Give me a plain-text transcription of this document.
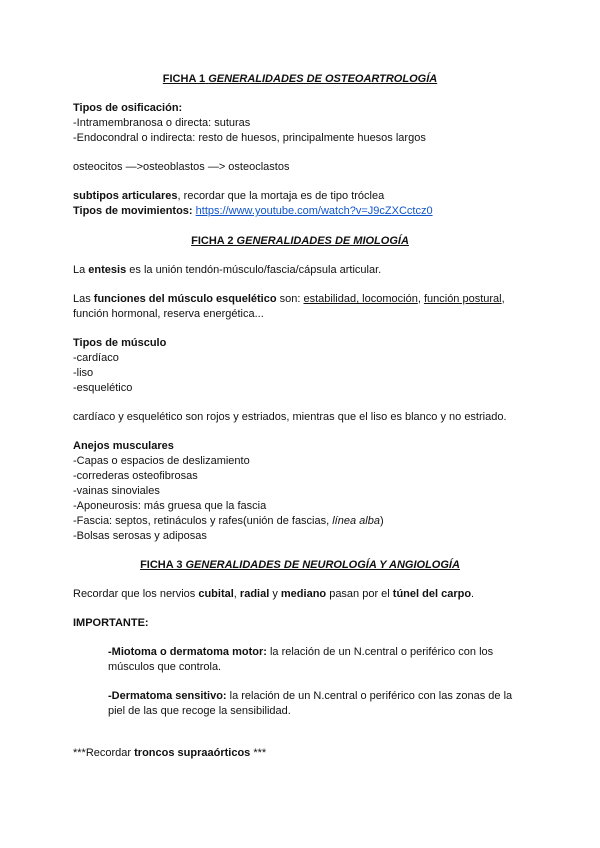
FICHA 1 GENERALIDADES DE OSTEOARTROLOGÍA
Tipos de osificación:
-Intramembranosa o directa: suturas
-Endocondral o indirecta: resto de huesos, principalmente huesos largos
osteocitos —>osteoblastos —> osteoclastos
subtipos articulares, recordar que la mortaja es de tipo tróclea
Tipos de movimientos: https://www.youtube.com/watch?v=J9cZXCctcz0
FICHA 2 GENERALIDADES DE MIOLOGÍA
La entesis es la unión tendón-músculo/fascia/cápsula articular.
Las funciones del músculo esquelético son: estabilidad, locomoción, función postural,
función hormonal, reserva energética...
Tipos de músculo
-cardíaco
-liso
-esquelético
cardíaco y esquelético son rojos y estriados, mientras que el liso es blanco y no estriado.
Anejos musculares
-Capas o espacios de deslizamiento
-correderas osteofibrosas
-vainas sinoviales
-Aponeurosis: más gruesa que la fascia
-Fascia: septos, retináculos y rafes(unión de fascias, línea alba)
-Bolsas serosas y adiposas
FICHA 3 GENERALIDADES DE NEUROLOGÍA Y ANGIOLOGÍA
Recordar que los nervios cubital, radial y mediano pasan por el túnel del carpo.
IMPORTANTE:
-Miotoma o dermatoma motor: la relación de un N.central o periférico con los
músculos que controla.
-Dermatoma sensitivo: la relación de un N.central o periférico con las zonas de la
piel de las que recoge la sensibilidad.
***Recordar troncos supraaórticos ***
